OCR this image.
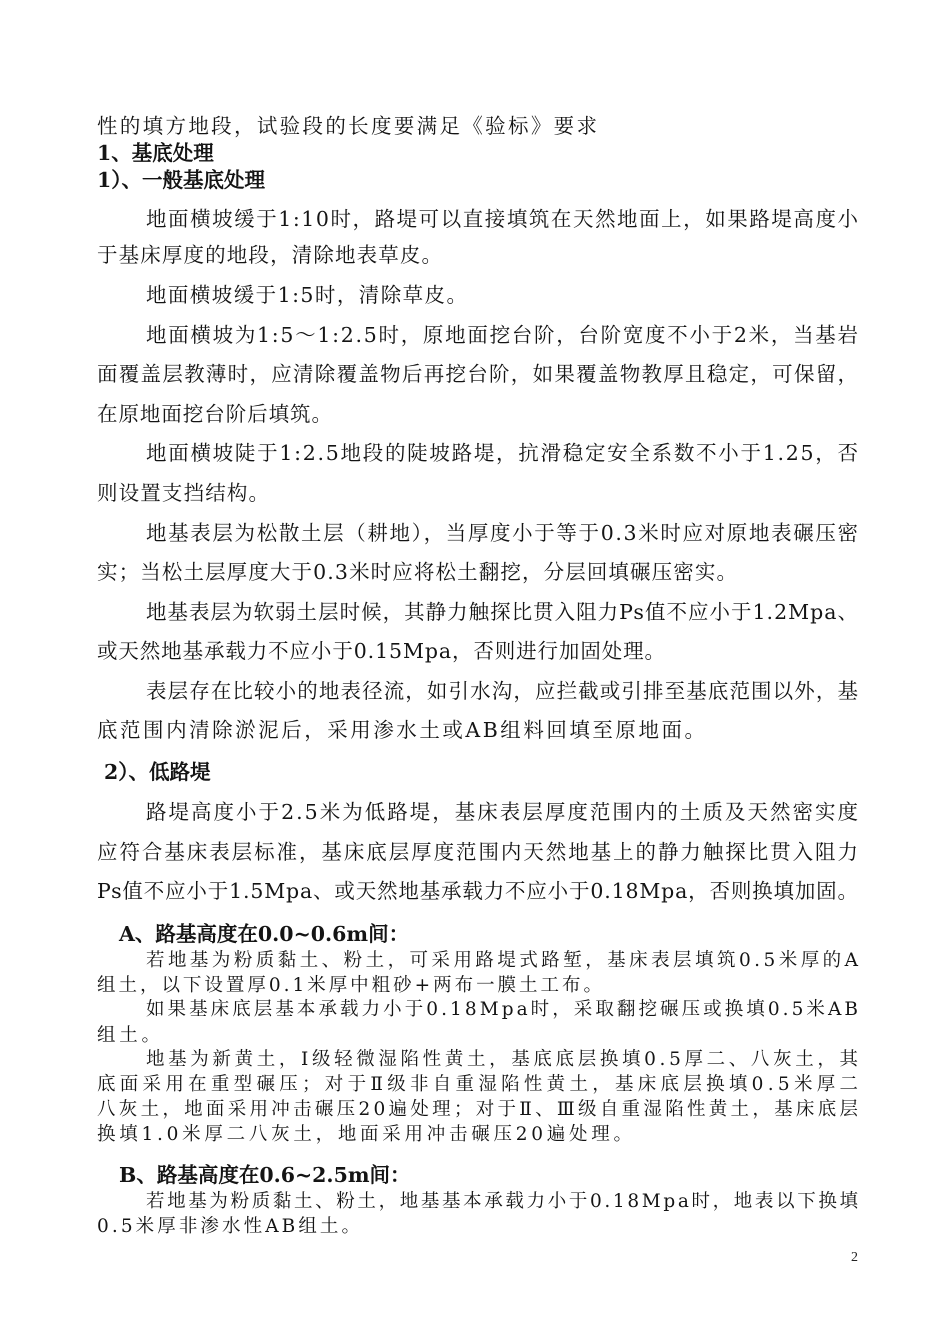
性的填方地段，试验段的长度要满足《验标》要求
1、基底处理
1）、一般基底处理
地面横坡缓于1:10时，路堤可以直接填筑在天然地面上，如果路堤高度小
于基床厚度的地段，清除地表草皮。
地面横坡缓于1:5时，清除草皮。
地面横坡为1:5～1:2.5时，原地面挖台阶，台阶宽度不小于2米，当基岩
面覆盖层教薄时，应清除覆盖物后再挖台阶，如果覆盖物教厚且稳定，可保留，
在原地面挖台阶后填筑。
地面横坡陡于1:2.5地段的陡坡路堤，抗滑稳定安全系数不小于1.25，否
则设置支挡结构。
地基表层为松散土层（耕地），当厚度小于等于0.3米时应对原地表碾压密
实；当松土层厚度大于0.3米时应将松土翻挖，分层回填碾压密实。
地基表层为软弱土层时候，其静力触探比贯入阻力Ps值不应小于1.2Mpa、
或天然地基承载力不应小于0.15Mpa，否则进行加固处理。
表层存在比较小的地表径流，如引水沟，应拦截或引排至基底范围以外，基
底范围内清除淤泥后，采用渗水土或AB组料回填至原地面。
2）、低路堤
路堤高度小于2.5米为低路堤，基床表层厚度范围内的土质及天然密实度
应符合基床表层标准，基床底层厚度范围内天然地基上的静力触探比贯入阻力
Ps值不应小于1.5Mpa、或天然地基承载力不应小于0.18Mpa，否则换填加固。
A、路基高度在0.0~0.6m间：
若地基为粉质黏土、粉土，可采用路堤式路堑，基床表层填筑0.5米厚的A
组土，以下设置厚0.1米厚中粗砂+两布一膜土工布。
如果基床底层基本承载力小于0.18Mpa时，采取翻挖碾压或换填0.5米AB
组土。
地基为新黄土，Ⅰ级轻微湿陷性黄土，基底底层换填0.5厚二、八灰土，其
底面采用在重型碾压；对于Ⅱ级非自重湿陷性黄土，基床底层换填0.5米厚二
八灰土，地面采用冲击碾压20遍处理；对于Ⅱ、Ⅲ级自重湿陷性黄土，基床底层
换填1.0米厚二八灰土，地面采用冲击碾压20遍处理。
B、路基高度在0.6~2.5m间：
若地基为粉质黏土、粉土，地基基本承载力小于0.18Mpa时，地表以下换填
0.5米厚非渗水性AB组土。
2
